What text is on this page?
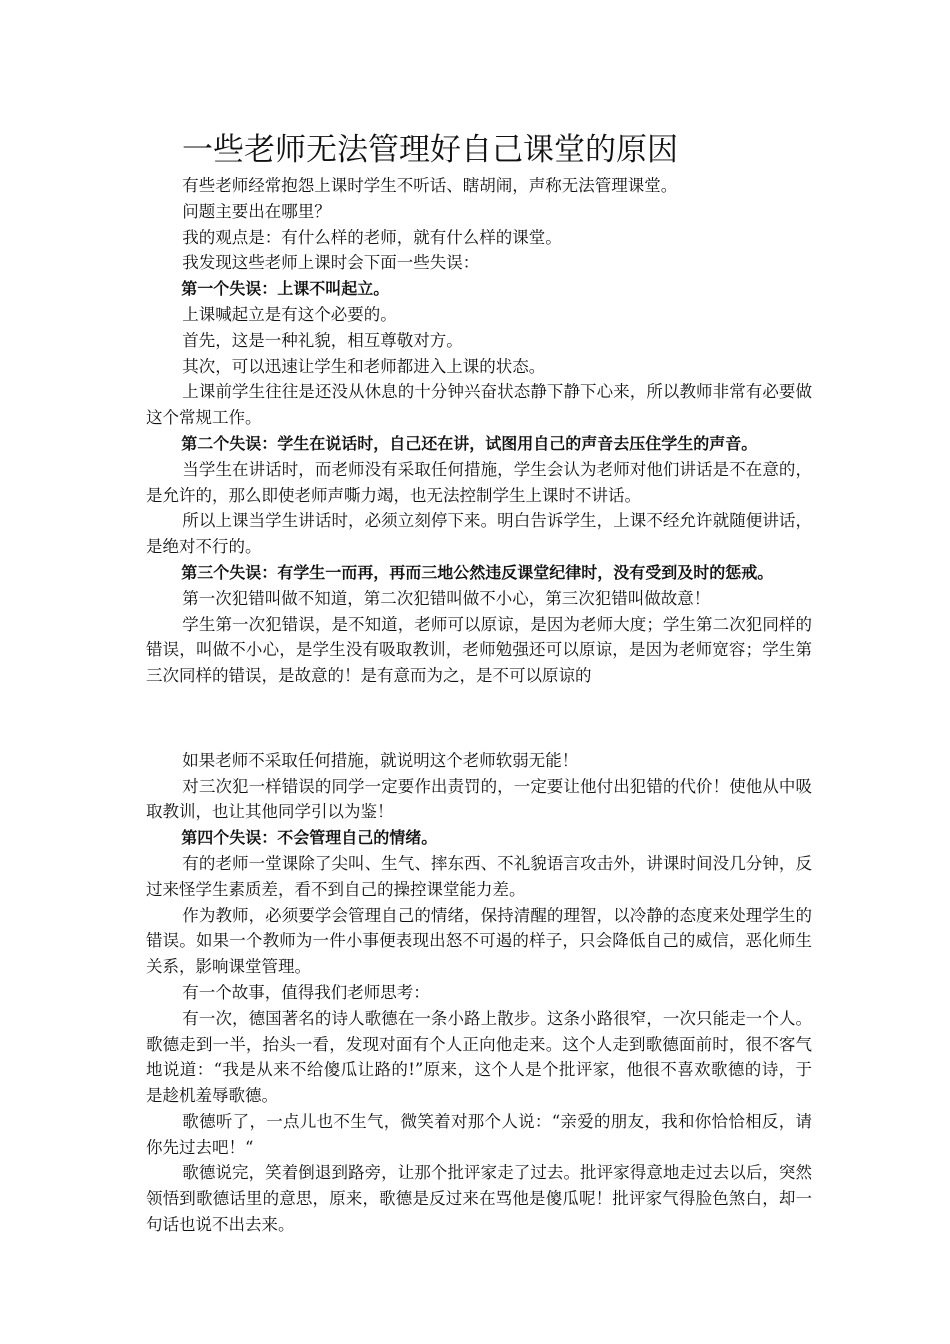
一些老师无法管理好自己课堂的原因

有些老师经常抱怨上课时学生不听话、瞎胡闹，声称无法管理课堂。

问题主要出在哪里？

我的观点是：有什么样的老师，就有什么样的课堂。

我发现这些老师上课时会下面一些失误：

第一个失误：上课不叫起立。

上课喊起立是有这个必要的。

首先，这是一种礼貌，相互尊敬对方。

其次，可以迅速让学生和老师都进入上课的状态。

上课前学生往往是还没从休息的十分钟兴奋状态静下静下心来，所以教师非常有必要做这个常规工作。

第二个失误：学生在说话时，自己还在讲，试图用自己的声音去压住学生的声音。

当学生在讲话时，而老师没有采取任何措施，学生会认为老师对他们讲话是不在意的，是允许的，那么即使老师声嘶力竭，也无法控制学生上课时不讲话。

所以上课当学生讲话时，必须立刻停下来。明白告诉学生，上课不经允许就随便讲话，是绝对不行的。

第三个失误：有学生一而再，再而三地公然违反课堂纪律时，没有受到及时的惩戒。

第一次犯错叫做不知道，第二次犯错叫做不小心，第三次犯错叫做故意！

学生第一次犯错误，是不知道，老师可以原谅，是因为老师大度；学生第二次犯同样的错误，叫做不小心，是学生没有吸取教训，老师勉强还可以原谅，是因为老师宽容；学生第三次同样的错误，是故意的！是有意而为之，是不可以原谅的

如果老师不采取任何措施，就说明这个老师软弱无能！

对三次犯一样错误的同学一定要作出责罚的，一定要让他付出犯错的代价！使他从中吸取教训，也让其他同学引以为鉴！

第四个失误：不会管理自己的情绪。

有的老师一堂课除了尖叫、生气、摔东西、不礼貌语言攻击外，讲课时间没几分钟，反过来怪学生素质差，看不到自己的操控课堂能力差。

作为教师，必须要学会管理自己的情绪，保持清醒的理智，以冷静的态度来处理学生的错误。如果一个教师为一件小事便表现出怒不可遏的样子，只会降低自己的威信，恶化师生关系，影响课堂管理。

有一个故事，值得我们老师思考：

有一次，德国著名的诗人歌德在一条小路上散步。这条小路很窄，一次只能走一个人。歌德走到一半，抬头一看，发现对面有个人正向他走来。这个人走到歌德面前时，很不客气地说道：“我是从来不给傻瓜让路的!”原来，这个人是个批评家，他很不喜欢歌德的诗，于是趁机羞辱歌德。

歌德听了，一点儿也不生气，微笑着对那个人说：“亲爱的朋友，我和你恰恰相反，请你先过去吧！“

歌德说完，笑着倒退到路旁，让那个批评家走了过去。批评家得意地走过去以后，突然领悟到歌德话里的意思，原来，歌德是反过来在骂他是傻瓜呢！批评家气得脸色煞白，却一句话也说不出去来。
